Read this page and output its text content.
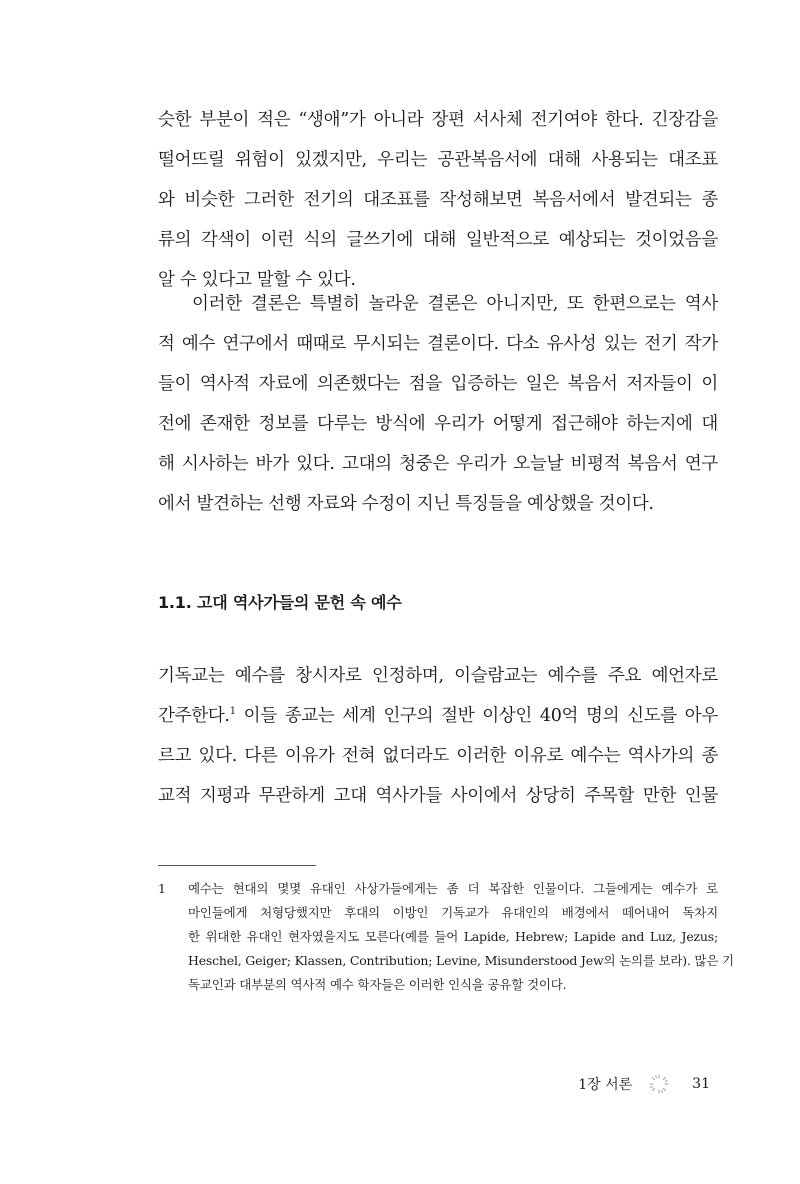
슷한 부분이 적은 “생애”가 아니라 장편 서사체 전기여야 한다. 긴장감을
떨어뜨릴 위험이 있겠지만, 우리는 공관복음서에 대해 사용되는 대조표
와 비슷한 그러한 전기의 대조표를 작성해보면 복음서에서 발견되는 종
류의 각색이 이런 식의 글쓰기에 대해 일반적으로 예상되는 것이었음을
알 수 있다고 말할 수 있다.
이러한 결론은 특별히 놀라운 결론은 아니지만, 또 한편으로는 역사
적 예수 연구에서 때때로 무시되는 결론이다. 다소 유사성 있는 전기 작가
들이 역사적 자료에 의존했다는 점을 입증하는 일은 복음서 저자들이 이
전에 존재한 정보를 다루는 방식에 우리가 어떻게 접근해야 하는지에 대
해 시사하는 바가 있다. 고대의 청중은 우리가 오늘날 비평적 복음서 연구
에서 발견하는 선행 자료와 수정이 지닌 특징들을 예상했을 것이다.
1.1. 고대 역사가들의 문헌 속 예수
기독교는 예수를 창시자로 인정하며, 이슬람교는 예수를 주요 예언자로
간주한다.$^1$ 이들 종교는 세계 인구의 절반 이상인 40억 명의 신도를 아우
르고 있다. 다른 이유가 전혀 없더라도 이러한 이유로 예수는 역사가의 종
교적 지평과 무관하게 고대 역사가들 사이에서 상당히 주목할 만한 인물
1 예수는 현대의 몇몇 유대인 사상가들에게는 좀 더 복잡한 인물이다. 그들에게는 예수가 로
마인들에게 처형당했지만 후대의 이방인 기독교가 유대인의 배경에서 떼어내어 독차지
한 위대한 유대인 현자였을지도 모른다(예를 들어 Lapide, Hebrew; Lapide and Luz, Jezus;
Heschel, Geiger; Klassen, Contribution; Levine, Misunderstood Jew의 논의를 보라). 많은 기
독교인과 대부분의 역사적 예수 학자들은 이러한 인식을 공유할 것이다.
1장 서론	31
